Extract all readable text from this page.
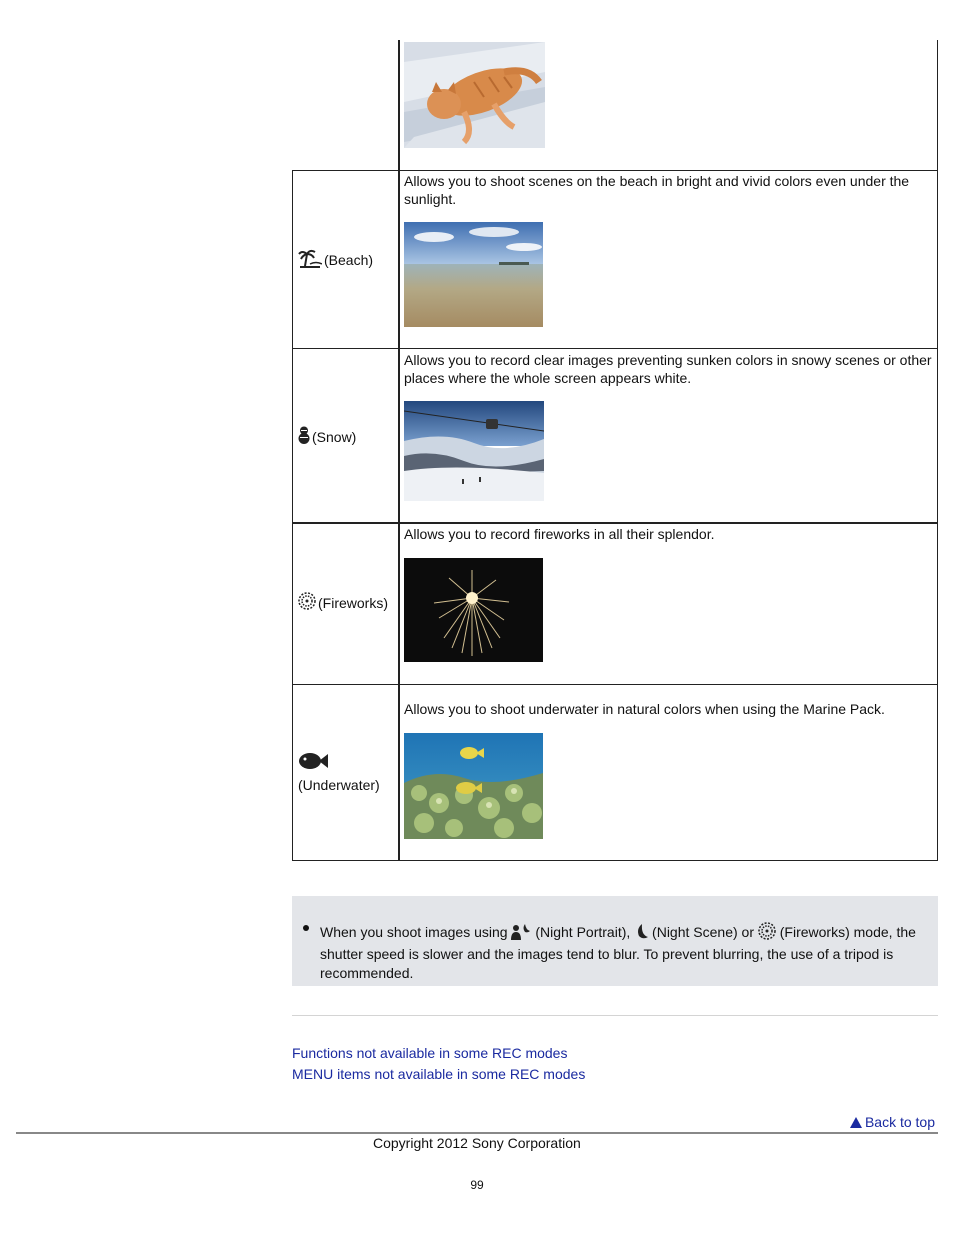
(Beach)
Allows you to shoot scenes on the beach in bright and vivid colors even under the sunlight.
(Snow)
Allows you to record clear images preventing sunken colors in snowy scenes or other places where the whole screen appears white.
(Fireworks)
Allows you to record fireworks in all their splendor.
(Underwater)
Allows you to shoot underwater in natural colors when using the Marine Pack.
When you shoot images using (Night Portrait), (Night Scene) or (Fireworks) mode, the shutter speed is slower and the images tend to blur. To prevent blurring, the use of a tripod is recommended.
Functions not available in some REC modes
MENU items not available in some REC modes
Back to top
Copyright 2012 Sony Corporation
99
